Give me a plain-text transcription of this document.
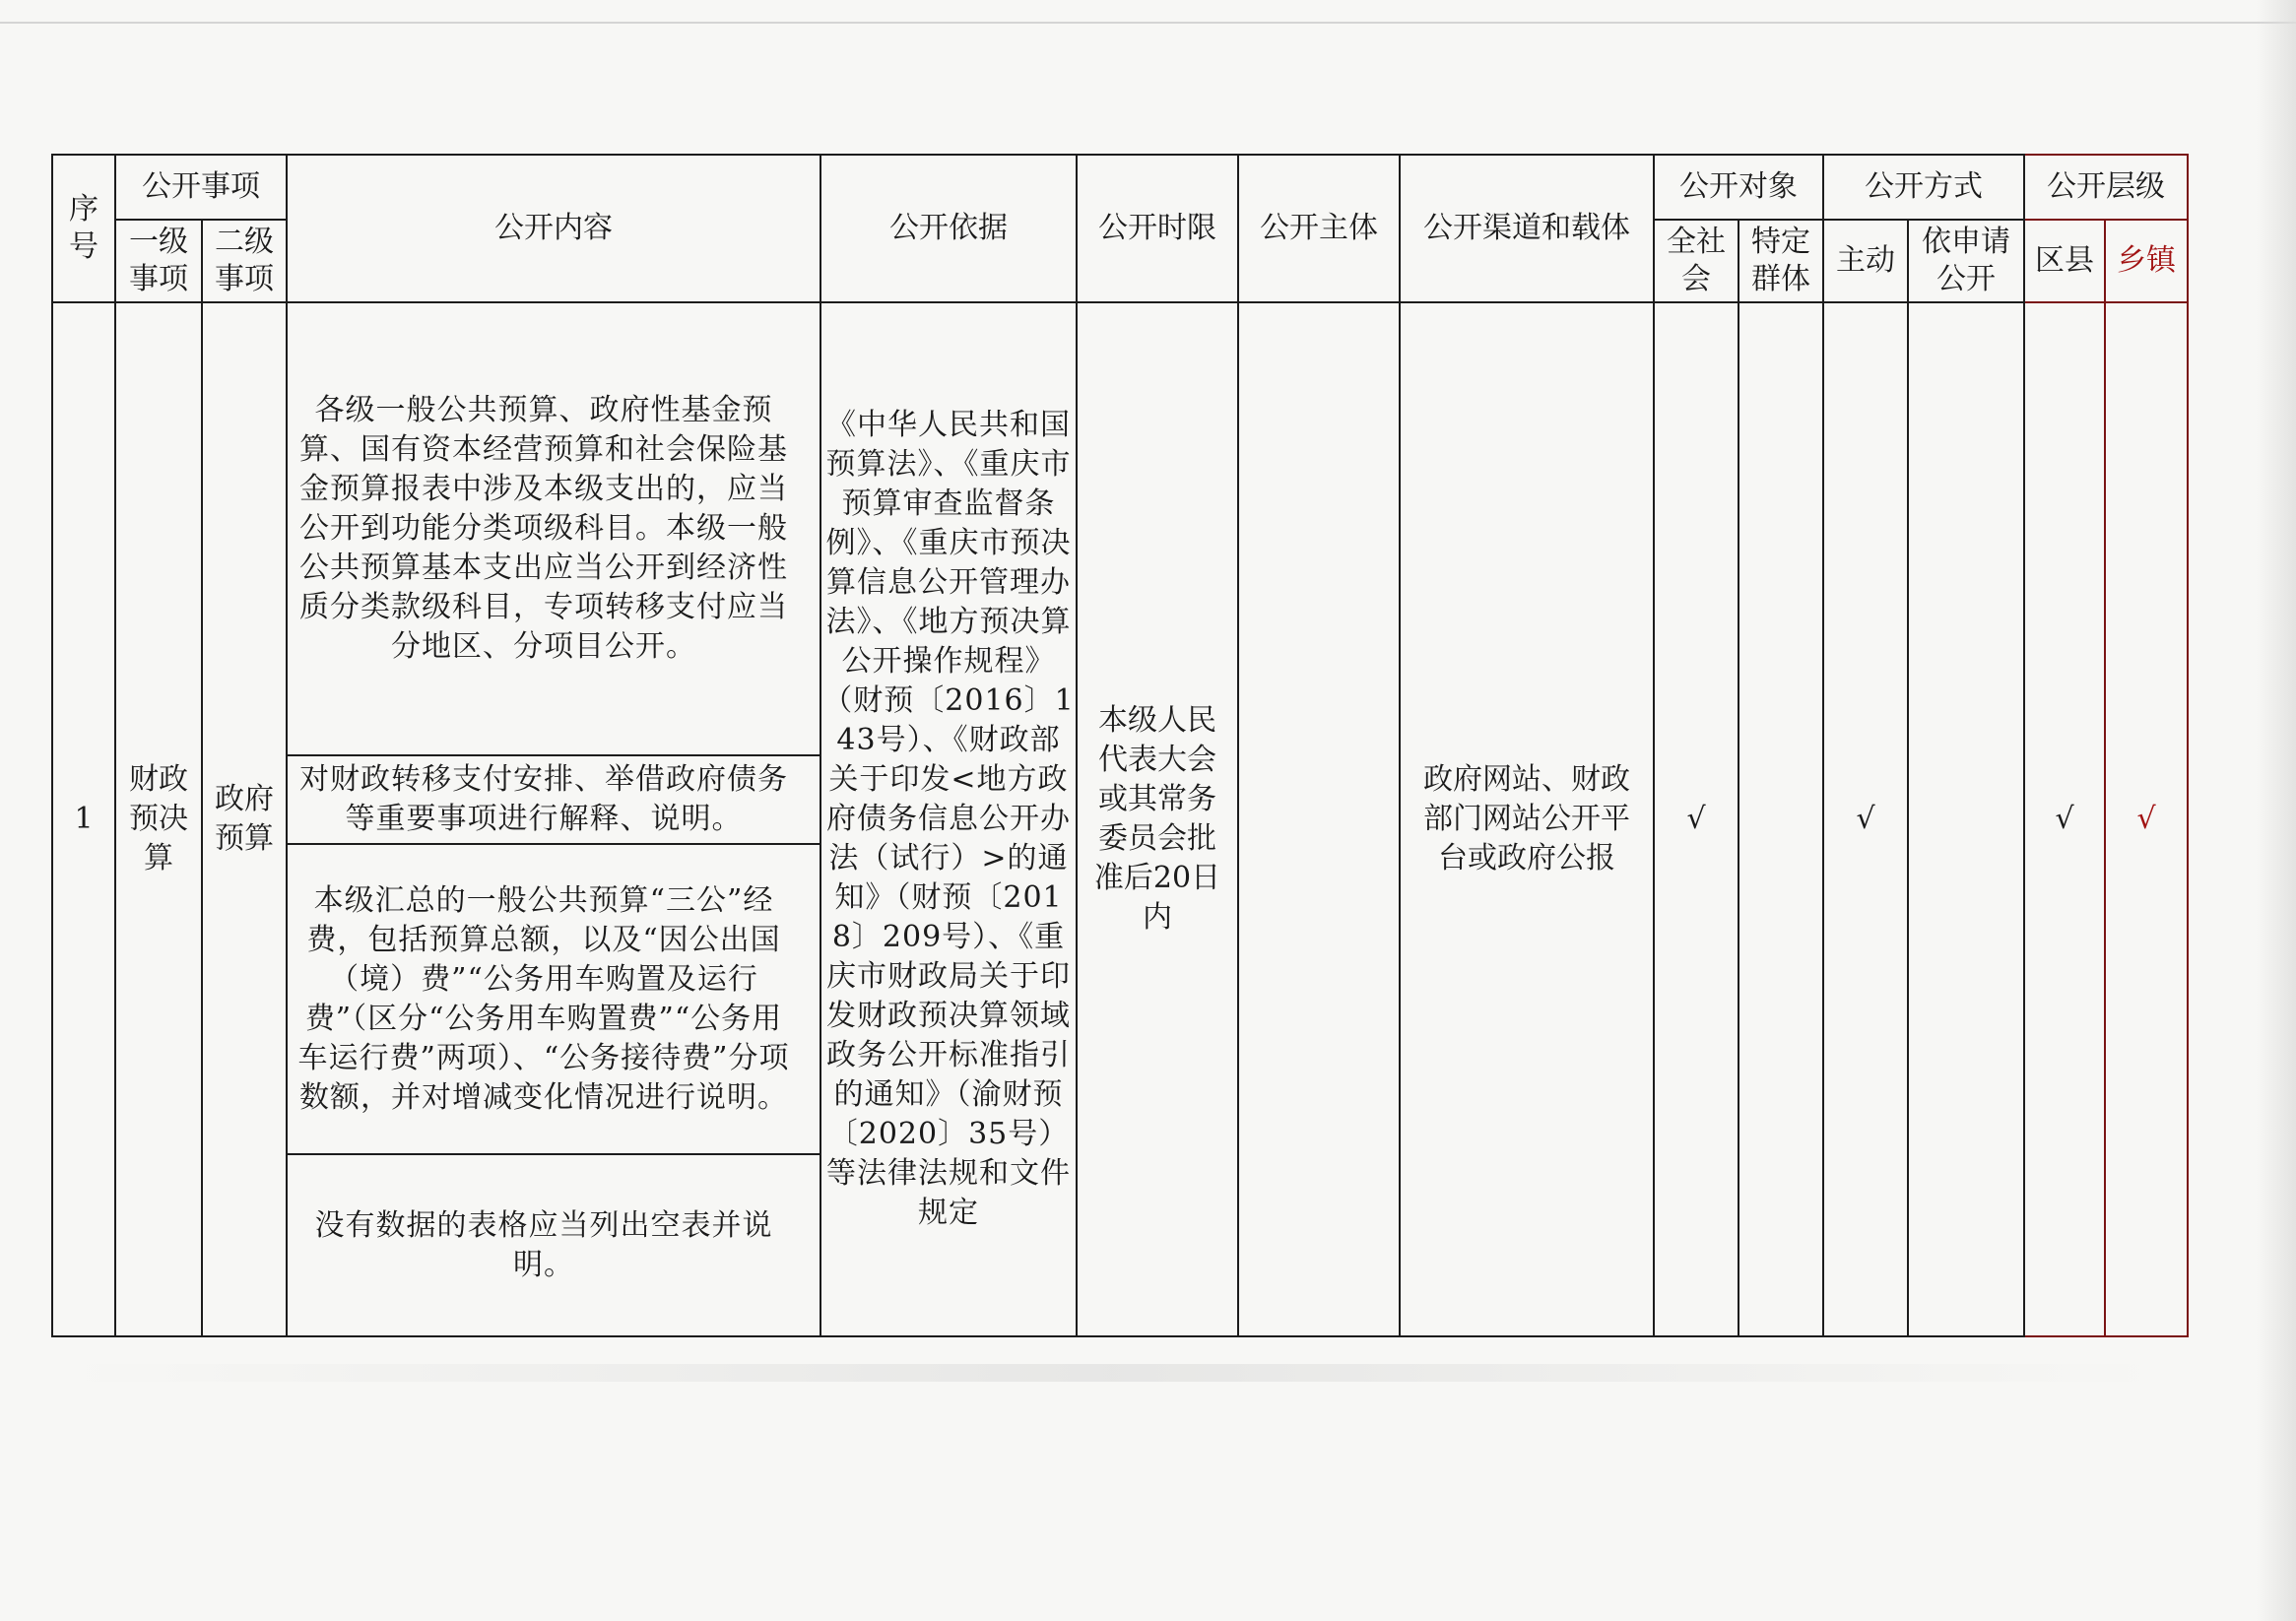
序号	公开事项		公开内容	公开依据	公开时限	公开主体	公开渠道和载体	公开对象		公开方式		公开层级	
	一级事项	二级事项						全社会	特定群体	主动	依申请公开	区县	乡镇
1	财政预决算	政府预算	各级一般公共预算、政府性基金预算、国有资本经营预算和社会保险基金预算报表中涉及本级支出的，应当公开到功能分类项级科目。本级一般公共预算基本支出应当公开到经济性质分类款级科目，专项转移支付应当分地区、分项目公开。	《中华人民共和国预算法》、《重庆市预算审查监督条例》、《重庆市预决算信息公开管理办法》、《地方预决算公开操作规程》（财预〔2016〕143号）、《财政部关于印发<地方政府债务信息公开办法（试行）>的通知》（财预〔2018〕209号）、《重庆市财政局关于印发财政预决算领域政务公开标准指引的通知》（渝财预〔2020〕35号）等法律法规和文件规定	本级人民代表大会或其常务委员会批准后20日内		政府网站、财政部门网站公开平台或政府公报	√		√		√	√
			对财政转移支付安排、举借政府债务等重要事项进行解释、说明。										
			本级汇总的一般公共预算“三公”经费，包括预算总额，以及“因公出国（境）费”“公务用车购置及运行费”（区分“公务用车购置费”“公务用车运行费”两项）、“公务接待费”分项数额，并对增减变化情况进行说明。										
			没有数据的表格应当列出空表并说明。										
